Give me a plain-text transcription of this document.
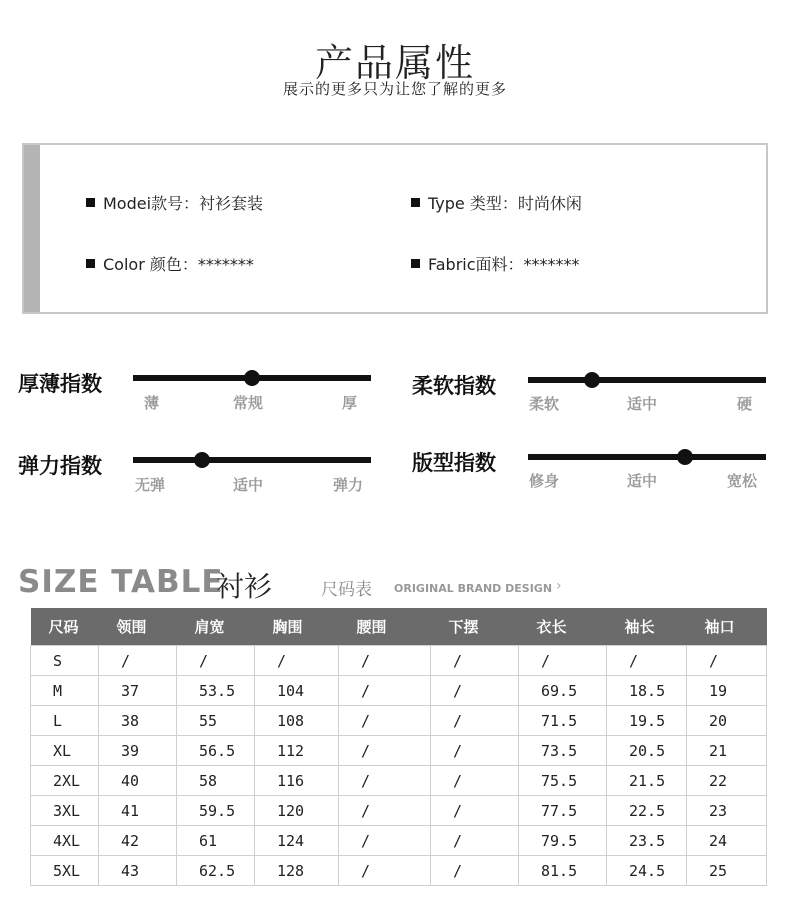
产品属性
展示的更多只为让您了解的更多
Modei款号：衬衫套装	Type 类型：时尚休闲
Color 颜色：*******	Fabric面料：*******
厚薄指数
薄	常规	厚
柔软指数
柔软	适中	硬
弹力指数
无弹	适中	弹力
版型指数
修身	适中	宽松
SIZE TABLE
衬衫	尺码表 ORIGINAL BRAND DESIGN ›
尺码	领围	肩宽	胸围	腰围	下摆	衣长	袖长	袖口
S	/	/	/	/	/	/	/	/
M	37	53.5	104	/	/	69.5	18.5	19
L	38	55	108	/	/	71.5	19.5	20
XL	39	56.5	112	/	/	73.5	20.5	21
2XL	40	58	116	/	/	75.5	21.5	22
3XL	41	59.5	120	/	/	77.5	22.5	23
4XL	42	61	124	/	/	79.5	23.5	24
5XL	43	62.5	128	/	/	81.5	24.5	25
